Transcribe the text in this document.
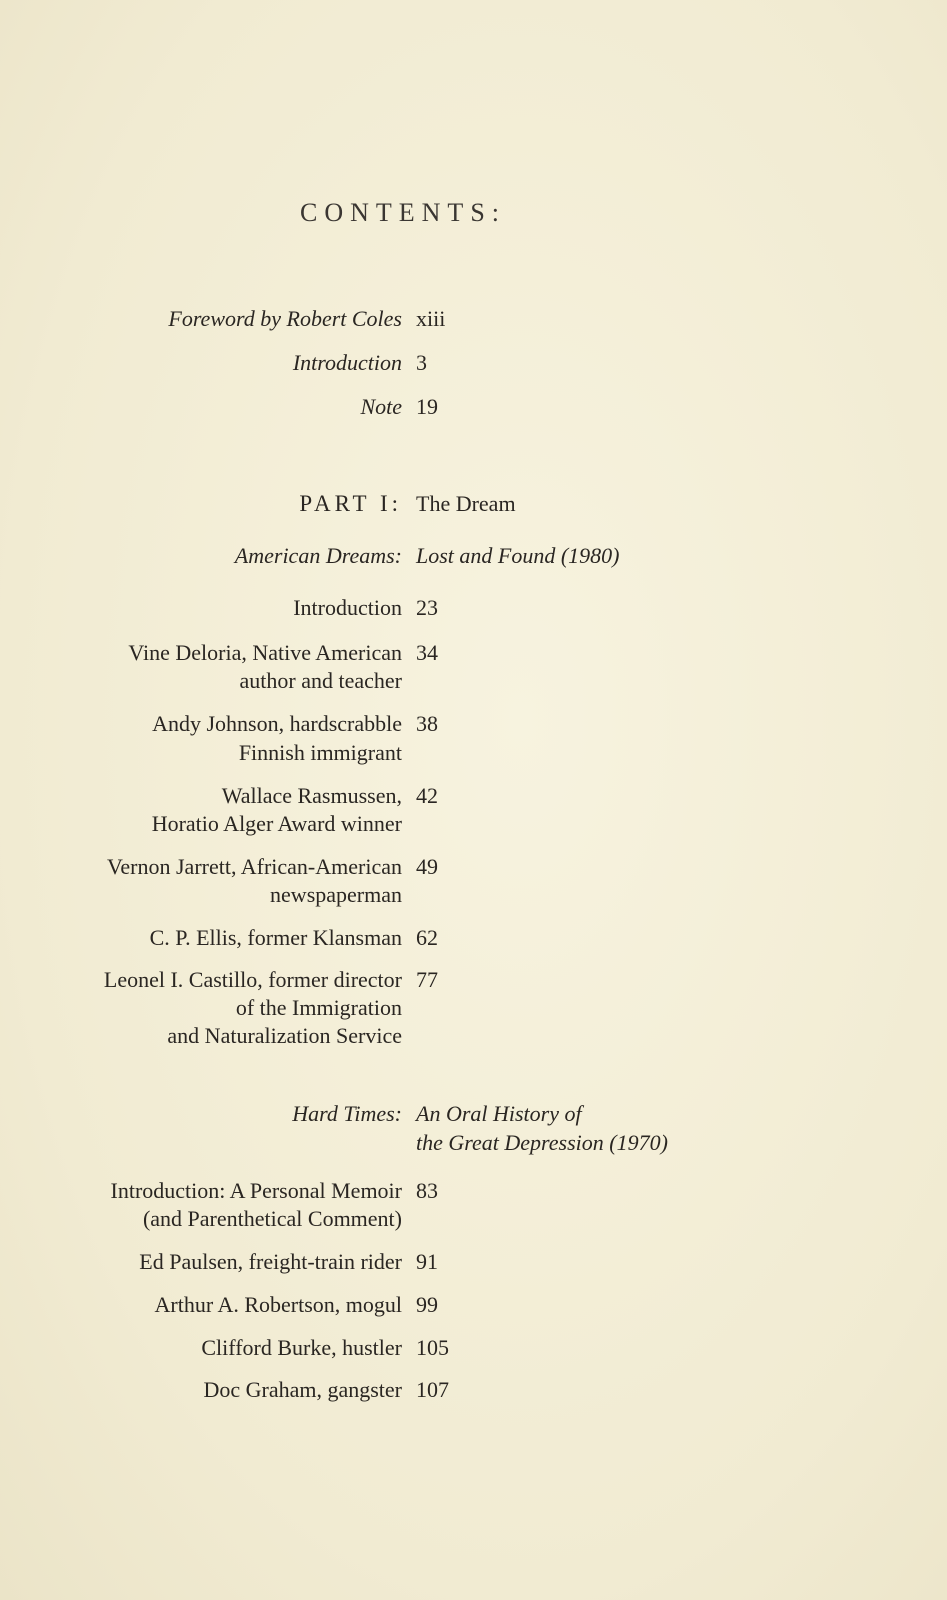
CONTENTS:
Foreword by Robert Coles xiii
Introduction 3
Note 19
PART I: The Dream
American Dreams: Lost and Found (1980)
Introduction 23
Vine Deloria, Native American 34
author and teacher
Andy Johnson, hardscrabble 38
Finnish immigrant
Wallace Rasmussen, 42
Horatio Alger Award winner
Vernon Jarrett, African-American 49
newspaperman
C. P. Ellis, former Klansman 62
Leonel I. Castillo, former director 77
of the Immigration
and Naturalization Service
Hard Times: An Oral History of
the Great Depression (1970)
Introduction: A Personal Memoir 83
(and Parenthetical Comment)
Ed Paulsen, freight-train rider 91
Arthur A. Robertson, mogul 99
Clifford Burke, hustler 105
Doc Graham, gangster 107
